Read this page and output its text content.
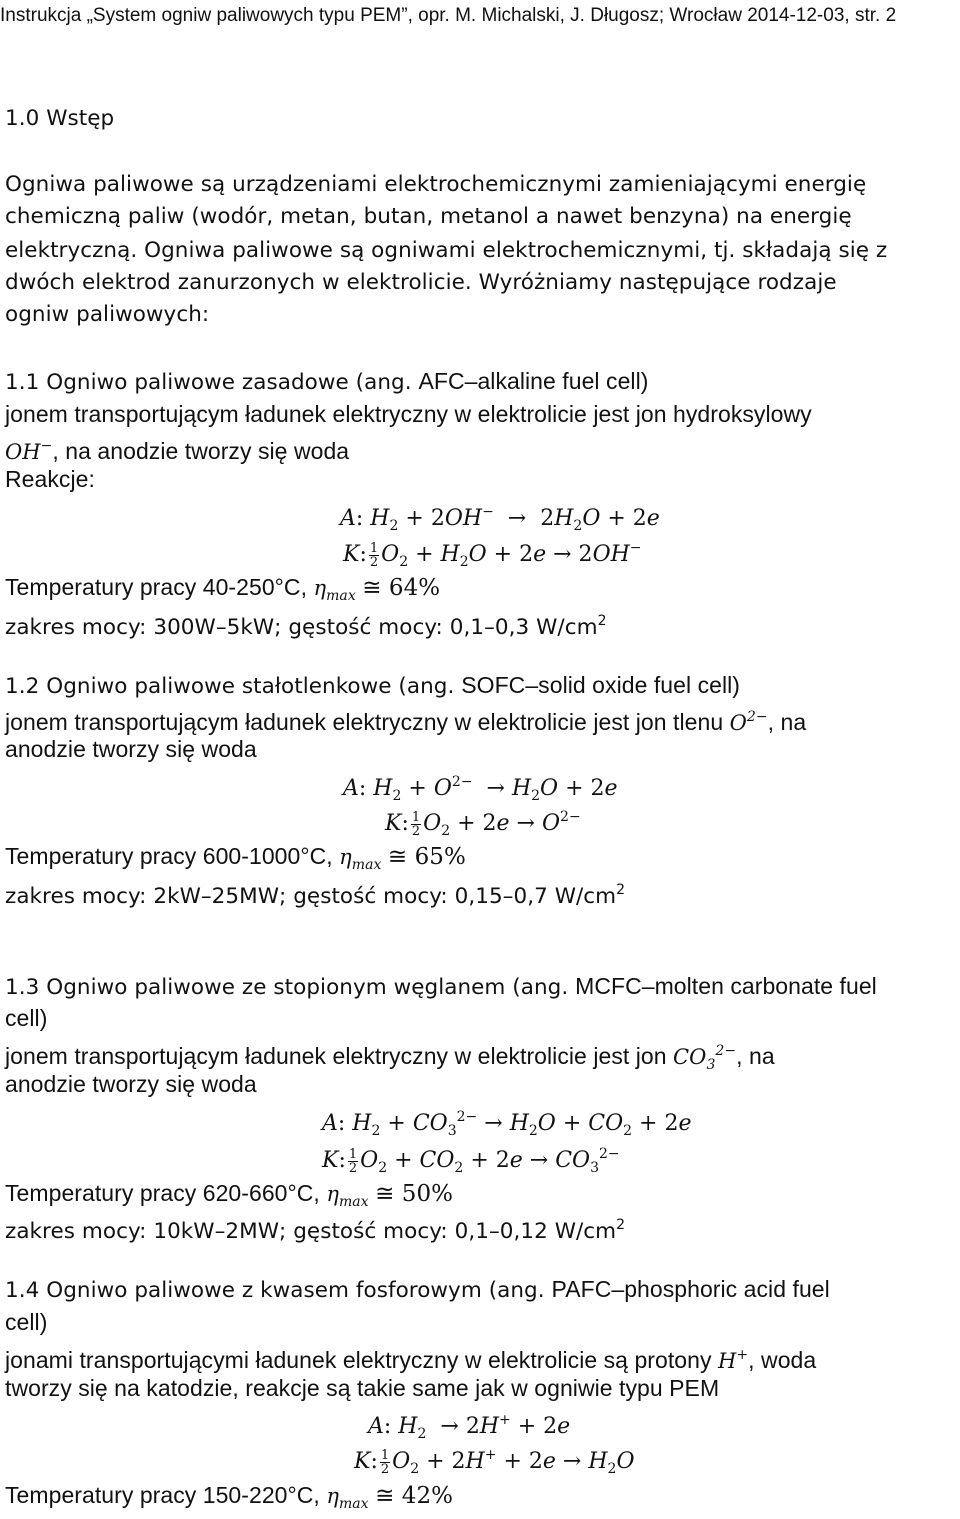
Instrukcja „System ogniw paliwowych typu PEM”, opr. M. Michalski, J. Długosz; Wrocław 2014-12-03, str. 2
1.0 Wstęp
Ogniwa paliwowe są urządzeniami elektrochemicznymi zamieniającymi energię
chemiczną paliw (wodór, metan, butan, metanol a nawet benzyna) na energię
elektryczną. Ogniwa paliwowe są ogniwami elektrochemicznymi, tj. składają się z
dwóch elektrod zanurzonych w elektrolicie. Wyróżniamy następujące rodzaje
ogniw paliwowych:
1.1 Ogniwo paliwowe zasadowe (ang. AFC–alkaline fuel cell)
jonem transportującym ładunek elektryczny w elektrolicie jest jon hydroksylowy
OH−, na anodzie tworzy się woda
Reakcje:
A: $H_2 + 2OH^- \to 2H_2O + 2e$
K: $\frac{1}{2} O_2 + H_2O + 2e \to 2OH^-$
Temperatury pracy 40-250°C, $\eta_{max}$ ≅ 64%
zakres mocy: 300W–5kW; gęstość mocy: 0,1–0,3 $W/cm^2$
1.2 Ogniwo paliwowe stałotlenkowe (ang. SOFC–solid oxide fuel cell)
jonem transportującym ładunek elektryczny w elektrolicie jest jon tlenu $O^{2-}$, na
anodzie tworzy się woda
A: $H_2 + O^{2-} \to H_2O + 2e$
K: $\frac{1}{2} O_2 + 2e \to O^{2-}$
Temperatury pracy 600-1000°C, $\eta_{max}$ ≅ 65%
zakres mocy: 2kW–25MW; gęstość mocy: 0,15–0,7 $W/cm^2$
1.3 Ogniwo paliwowe ze stopionym węglanem (ang. MCFC–molten carbonate fuel
cell)
jonem transportującym ładunek elektryczny w elektrolicie jest jon $CO_3^{2-}$, na
anodzie tworzy się woda
A: $H_2 + CO_3^{2-} \to H_2O + CO_2 + 2e$
K: $\frac{1}{2} O_2 + CO_2 + 2e \to CO_3^{2-}$
Temperatury pracy 620-660°C, $\eta_{max}$ ≅ 50%
zakres mocy: 10kW–2MW; gęstość mocy: 0,1–0,12 $W/cm^2$
1.4 Ogniwo paliwowe z kwasem fosforowym (ang. PAFC–phosphoric acid fuel
cell)
jonami transportującymi ładunek elektryczny w elektrolicie są protony H+, woda
tworzy się na katodzie, reakcje są takie same jak w ogniwie typu PEM
A: $H_2 \to 2H^+ + 2e$
K: $\frac{1}{2} O_2 + 2H^+ + 2e \to H_2O$
Temperatury pracy 150-220°C, $\eta_{max}$ ≅ 42%
